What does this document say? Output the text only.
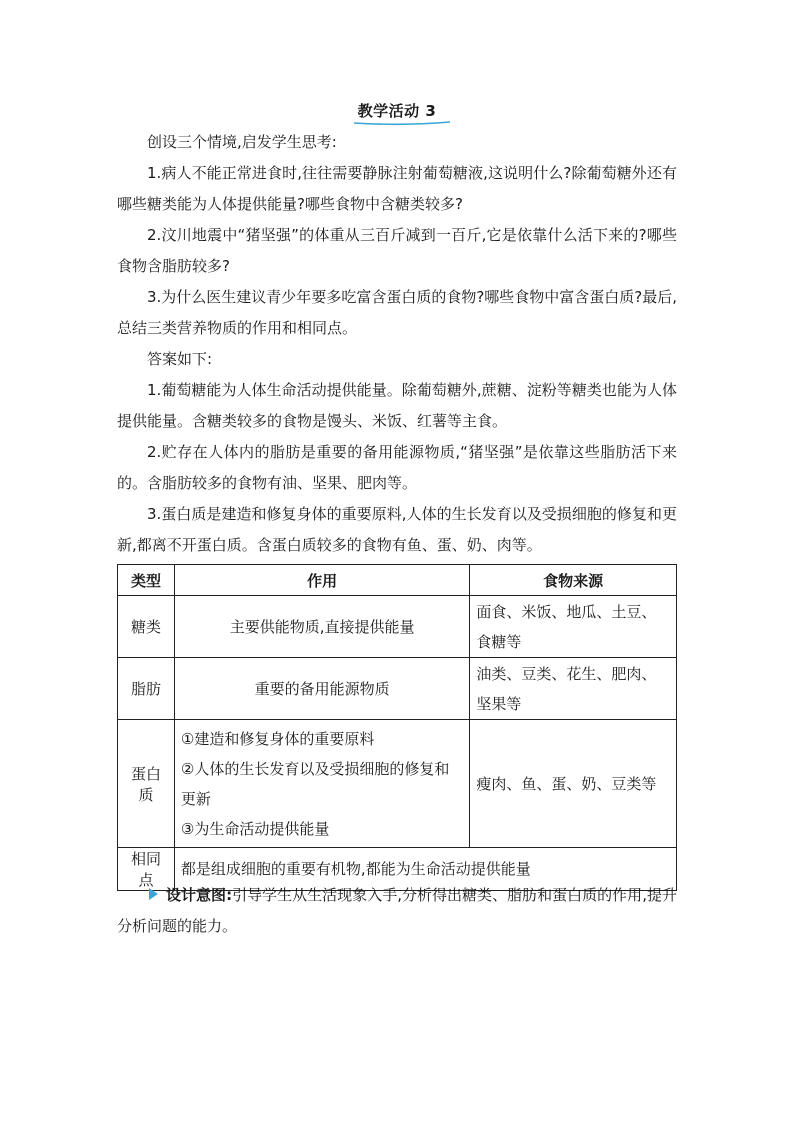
教学活动 3

创设三个情境,启发学生思考:

1.病人不能正常进食时,往往需要静脉注射葡萄糖液,这说明什么?除葡萄糖外还有哪些糖类能为人体提供能量?哪些食物中含糖类较多?

2.汶川地震中“猪坚强”的体重从三百斤减到一百斤,它是依靠什么活下来的?哪些食物含脂肪较多?

3.为什么医生建议青少年要多吃富含蛋白质的食物?哪些食物中富含蛋白质?最后,总结三类营养物质的作用和相同点。

答案如下:

1.葡萄糖能为人体生命活动提供能量。除葡萄糖外,蔗糖、淀粉等糖类也能为人体提供能量。含糖类较多的食物是馒头、米饭、红薯等主食。

2.贮存在人体内的脂肪是重要的备用能源物质,“猪坚强”是依靠这些脂肪活下来的。含脂肪较多的食物有油、坚果、肥肉等。

3.蛋白质是建造和修复身体的重要原料,人体的生长发育以及受损细胞的修复和更新,都离不开蛋白质。含蛋白质较多的食物有鱼、蛋、奶、肉等。

类型	作用	食物来源
糖类	主要供能物质,直接提供能量	面食、米饭、地瓜、土豆、食糖等
脂肪	重要的备用能源物质	油类、豆类、花生、肥肉、坚果等
蛋白质	①建造和修复身体的重要原料
②人体的生长发育以及受损细胞的修复和更新
③为生命活动提供能量	瘦肉、鱼、蛋、奶、豆类等
相同点	都是组成细胞的重要有机物,都能为生命活动提供能量	

设计意图:引导学生从生活现象入手,分析得出糖类、脂肪和蛋白质的作用,提升分析问题的能力。
